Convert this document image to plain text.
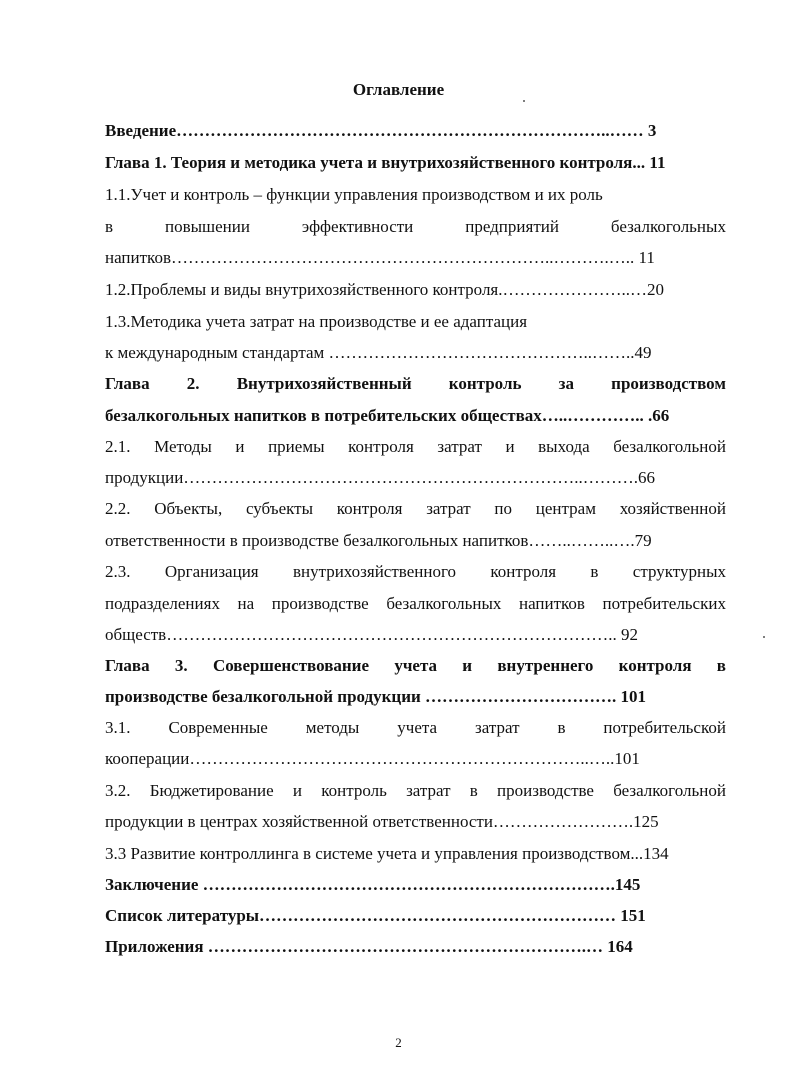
Оглавление
Введение…………………………………………………………………..…… 3
Глава 1. Теория и методика учета и внутрихозяйственного контроля... 11
1.1.Учет и контроль – функции управления производством и их роль
в	повышении	эффективности	предприятий	безалкогольных
напитков…………………………………………………………..……….….. 11
1.2.Проблемы и виды внутрихозяйственного контроля.…………………..…20
1.3.Методика учета затрат на производстве и ее адаптация
к международным стандартам ………………………………………..……..49
Глава 2. Внутрихозяйственный контроль за производством
безалкогольных напитков в потребительских обществах…..………….. .66
2.1. Методы и приемы контроля затрат и выхода безалкогольной
продукции……………………………………………………………..……….66
2.2. Объекты, субъекты контроля затрат по центрам хозяйственной
ответственности в производстве безалкогольных напитков……..……..….79
2.3. Организация внутрихозяйственного контроля в структурных
подразделениях на производстве безалкогольных напитков потребительских
обществ…………………………………………………………………….. 92
Глава 3. Совершенствование учета и внутреннего контроля в
производстве безалкогольной продукции ……………………………. 101
3.1. Современные методы учета затрат в потребительской
кооперации……………………………………………………………..…..101
3.2. Бюджетирование и контроль затрат в производстве безалкогольной
продукции в центрах хозяйственной ответственности…………………….125
3.3 Развитие контроллинга в системе учета и управления производством...134
Заключение ……………………………………………………………….145
Список литературы……………………………………………………… 151
Приложения ………………………………………………………….… 164
2
